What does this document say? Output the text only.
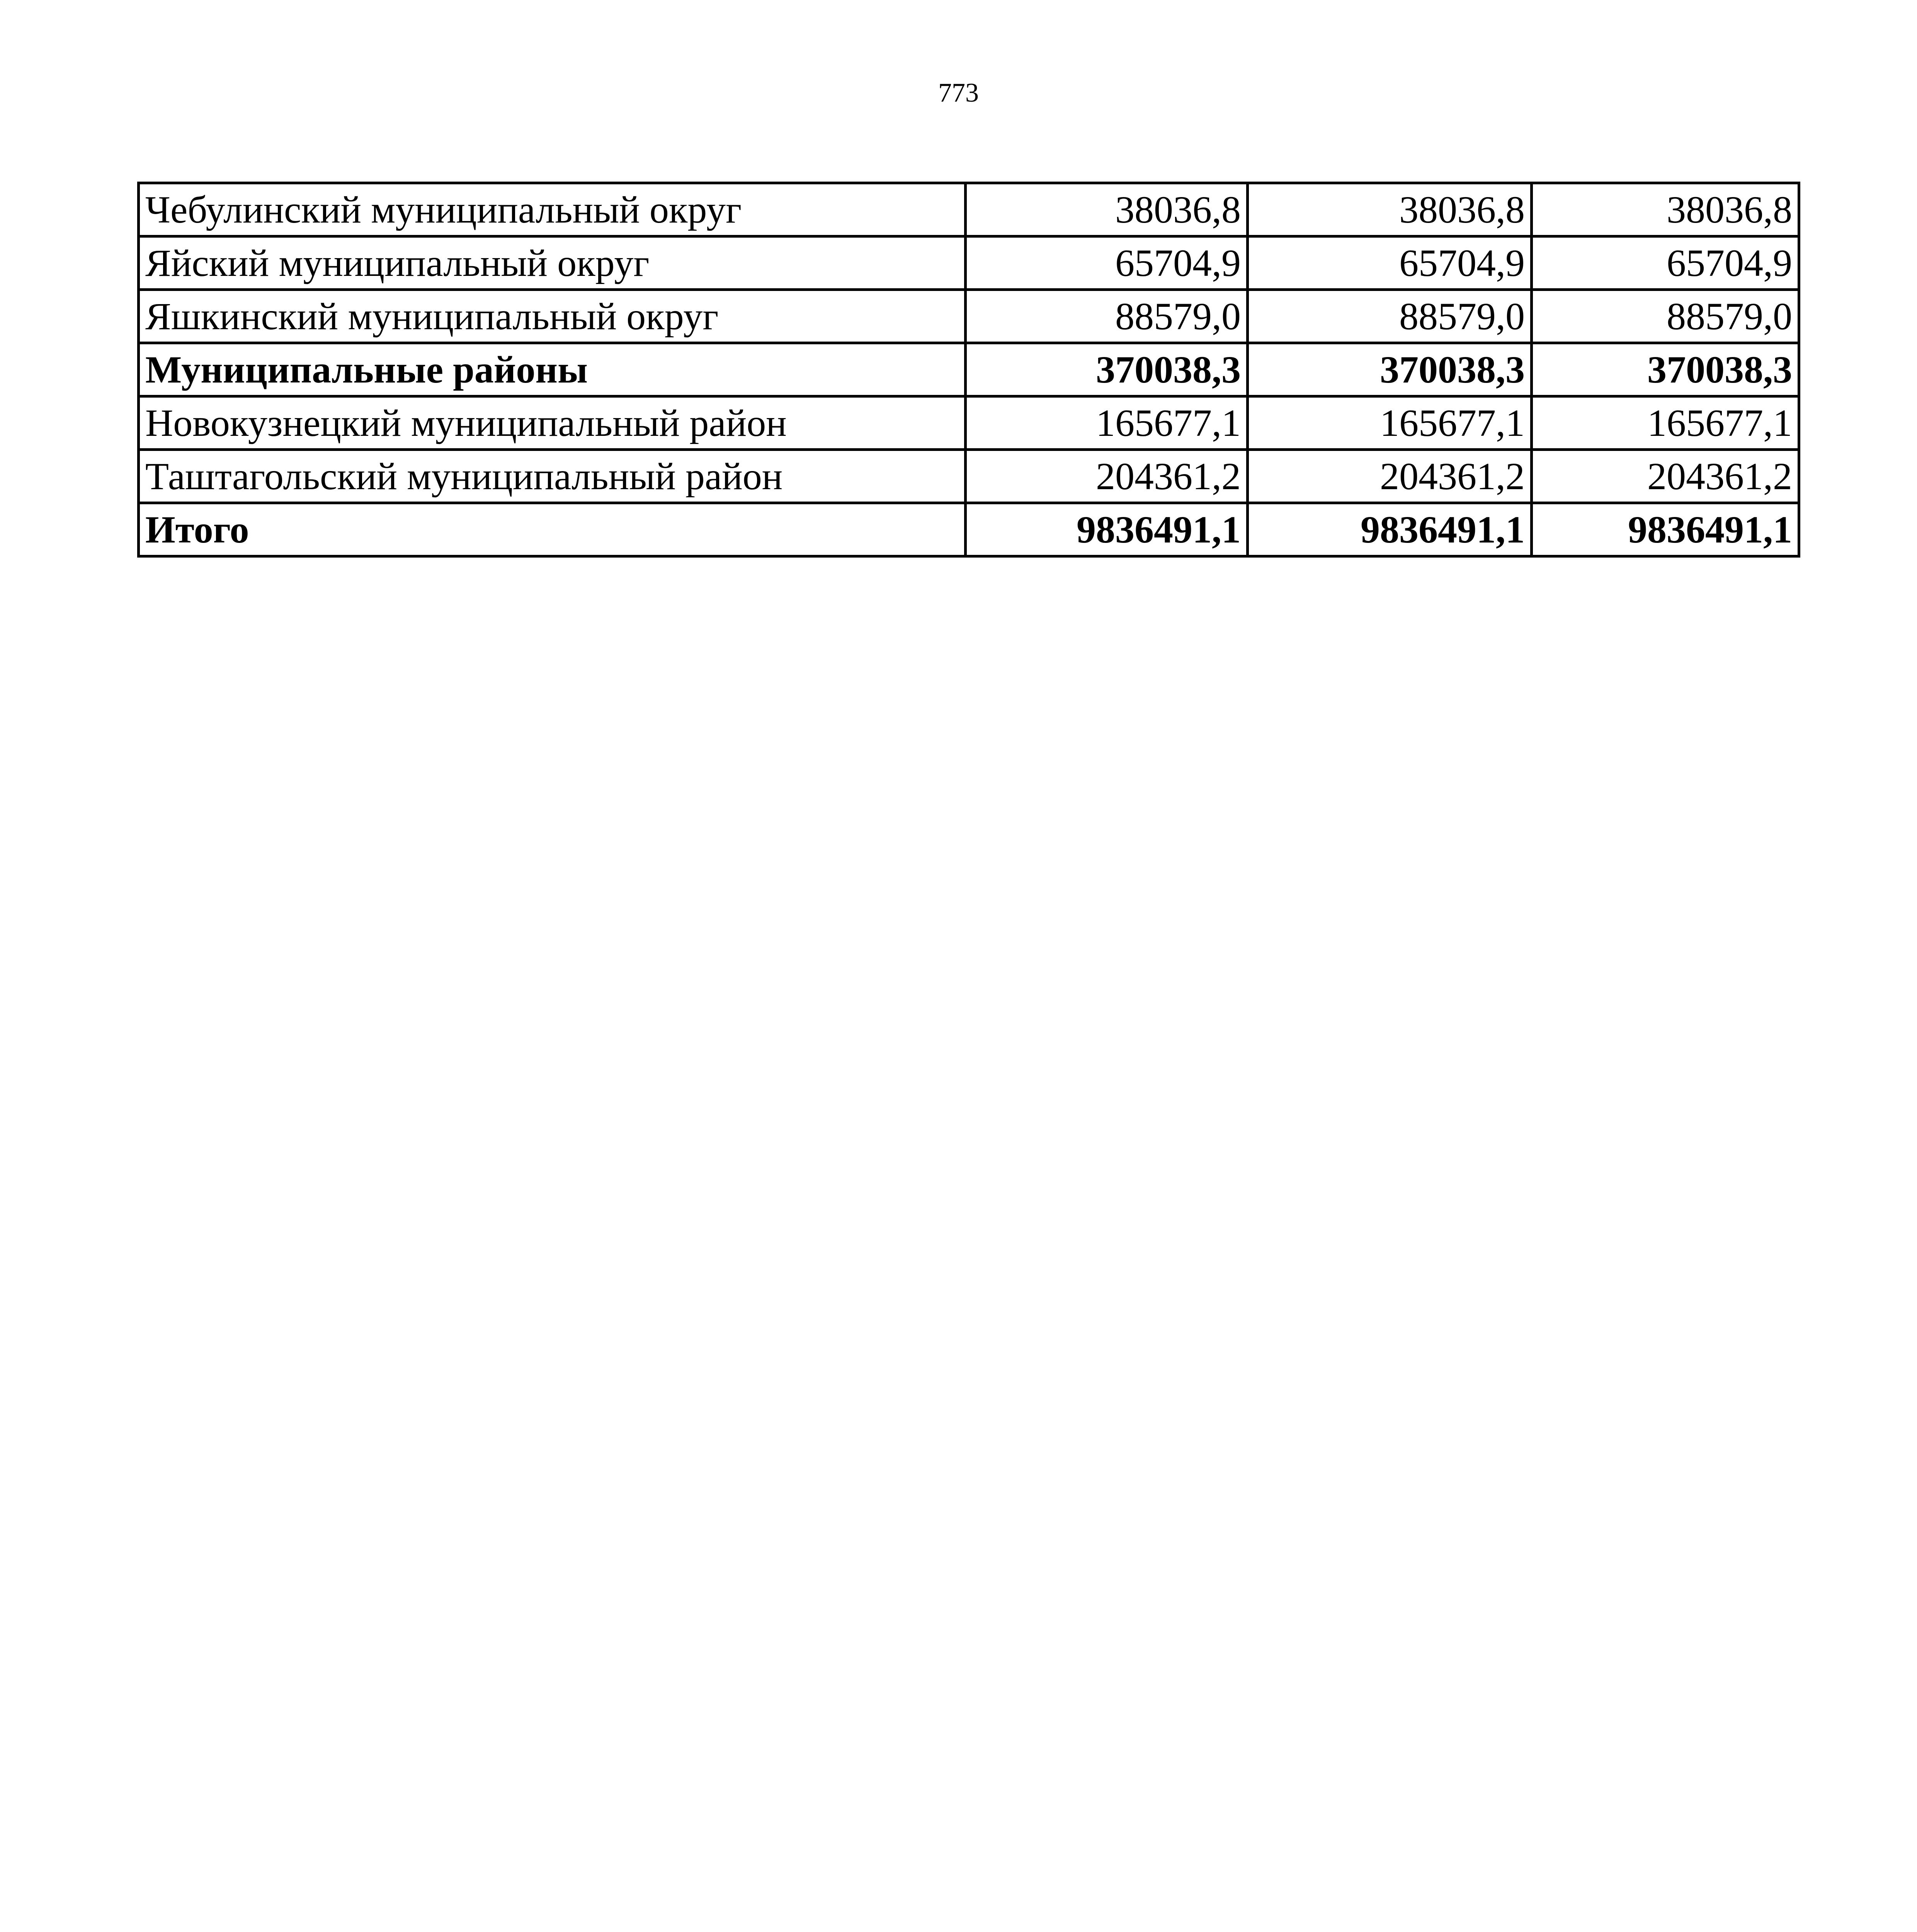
773
Чебулинский муниципальный округ	38036,8	38036,8	38036,8
Яйский муниципальный округ	65704,9	65704,9	65704,9
Яшкинский муниципальный округ	88579,0	88579,0	88579,0
Муниципальные районы	370038,3	370038,3	370038,3
Новокузнецкий муниципальный район	165677,1	165677,1	165677,1
Таштагольский муниципальный район	204361,2	204361,2	204361,2
Итого	9836491,1	9836491,1	9836491,1
